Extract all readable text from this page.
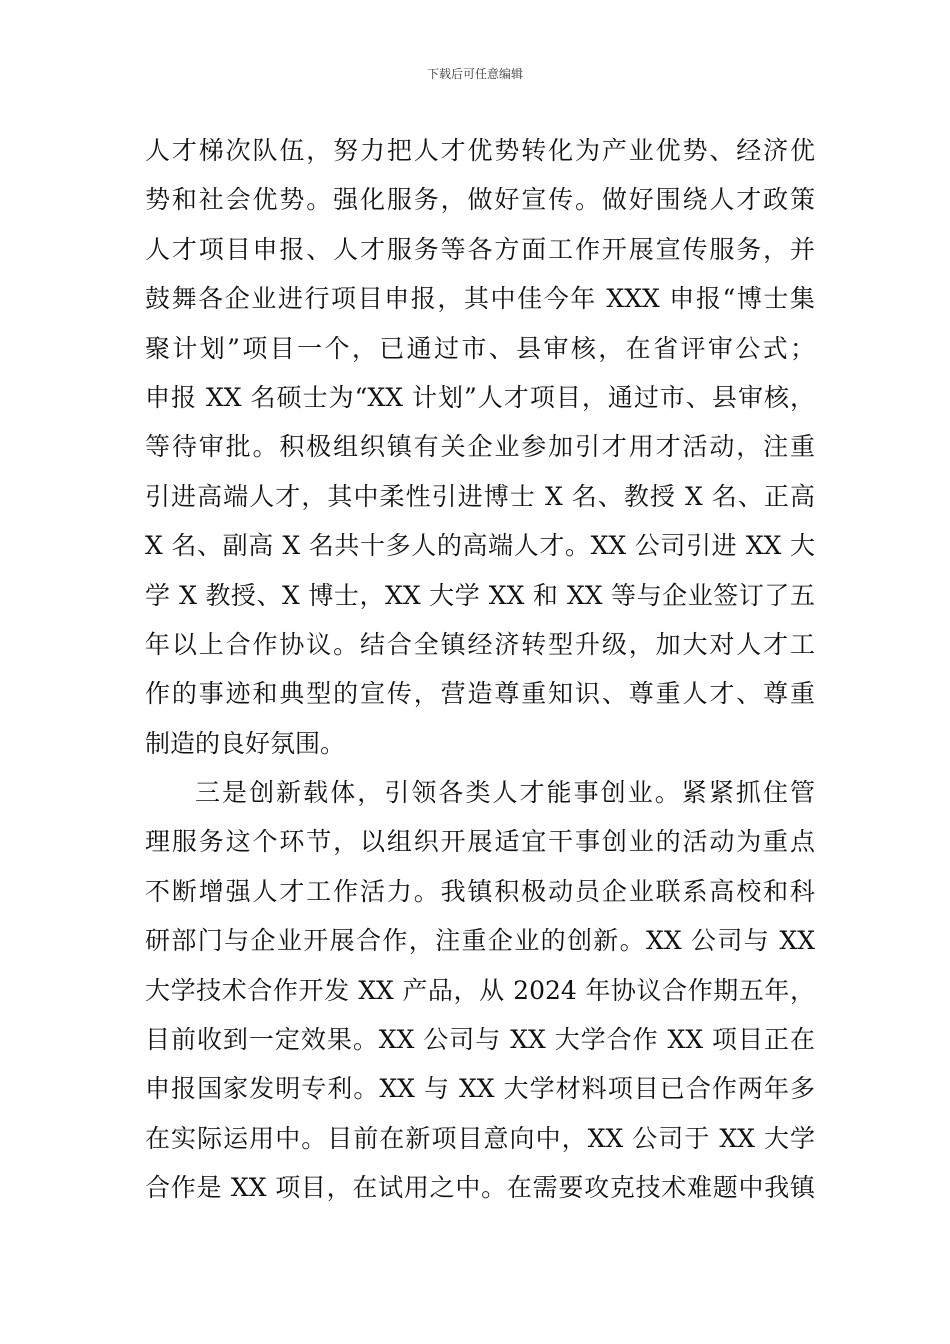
下载后可任意编辑
人才梯次队伍，努力把人才优势转化为产业优势、经济优
势和社会优势。强化服务，做好宣传。做好围绕人才政策
人才项目申报、人才服务等各方面工作开展宣传服务，并
鼓舞各企业进行项目申报，其中佳今年 XXX 申报“博士集
聚计划”项目一个，已通过市、县审核，在省评审公式；
申报 XX 名硕士为“XX 计划”人才项目，通过市、县审核，
等待审批。积极组织镇有关企业参加引才用才活动，注重
引进高端人才，其中柔性引进博士 X 名、教授 X 名、正高
X 名、副高 X 名共十多人的高端人才。XX 公司引进 XX 大
学 X 教授、X 博士，XX 大学 XX 和 XX 等与企业签订了五
年以上合作协议。结合全镇经济转型升级，加大对人才工
作的事迹和典型的宣传，营造尊重知识、尊重人才、尊重
制造的良好氛围。
三是创新载体，引领各类人才能事创业。紧紧抓住管
理服务这个环节，以组织开展适宜干事创业的活动为重点
不断增强人才工作活力。我镇积极动员企业联系高校和科
研部门与企业开展合作，注重企业的创新。XX 公司与 XX
大学技术合作开发 XX 产品，从 2024 年协议合作期五年，
目前收到一定效果。XX 公司与 XX 大学合作 XX 项目正在
申报国家发明专利。XX 与 XX 大学材料项目已合作两年多
在实际运用中。目前在新项目意向中，XX 公司于 XX 大学
合作是 XX 项目，在试用之中。在需要攻克技术难题中我镇
